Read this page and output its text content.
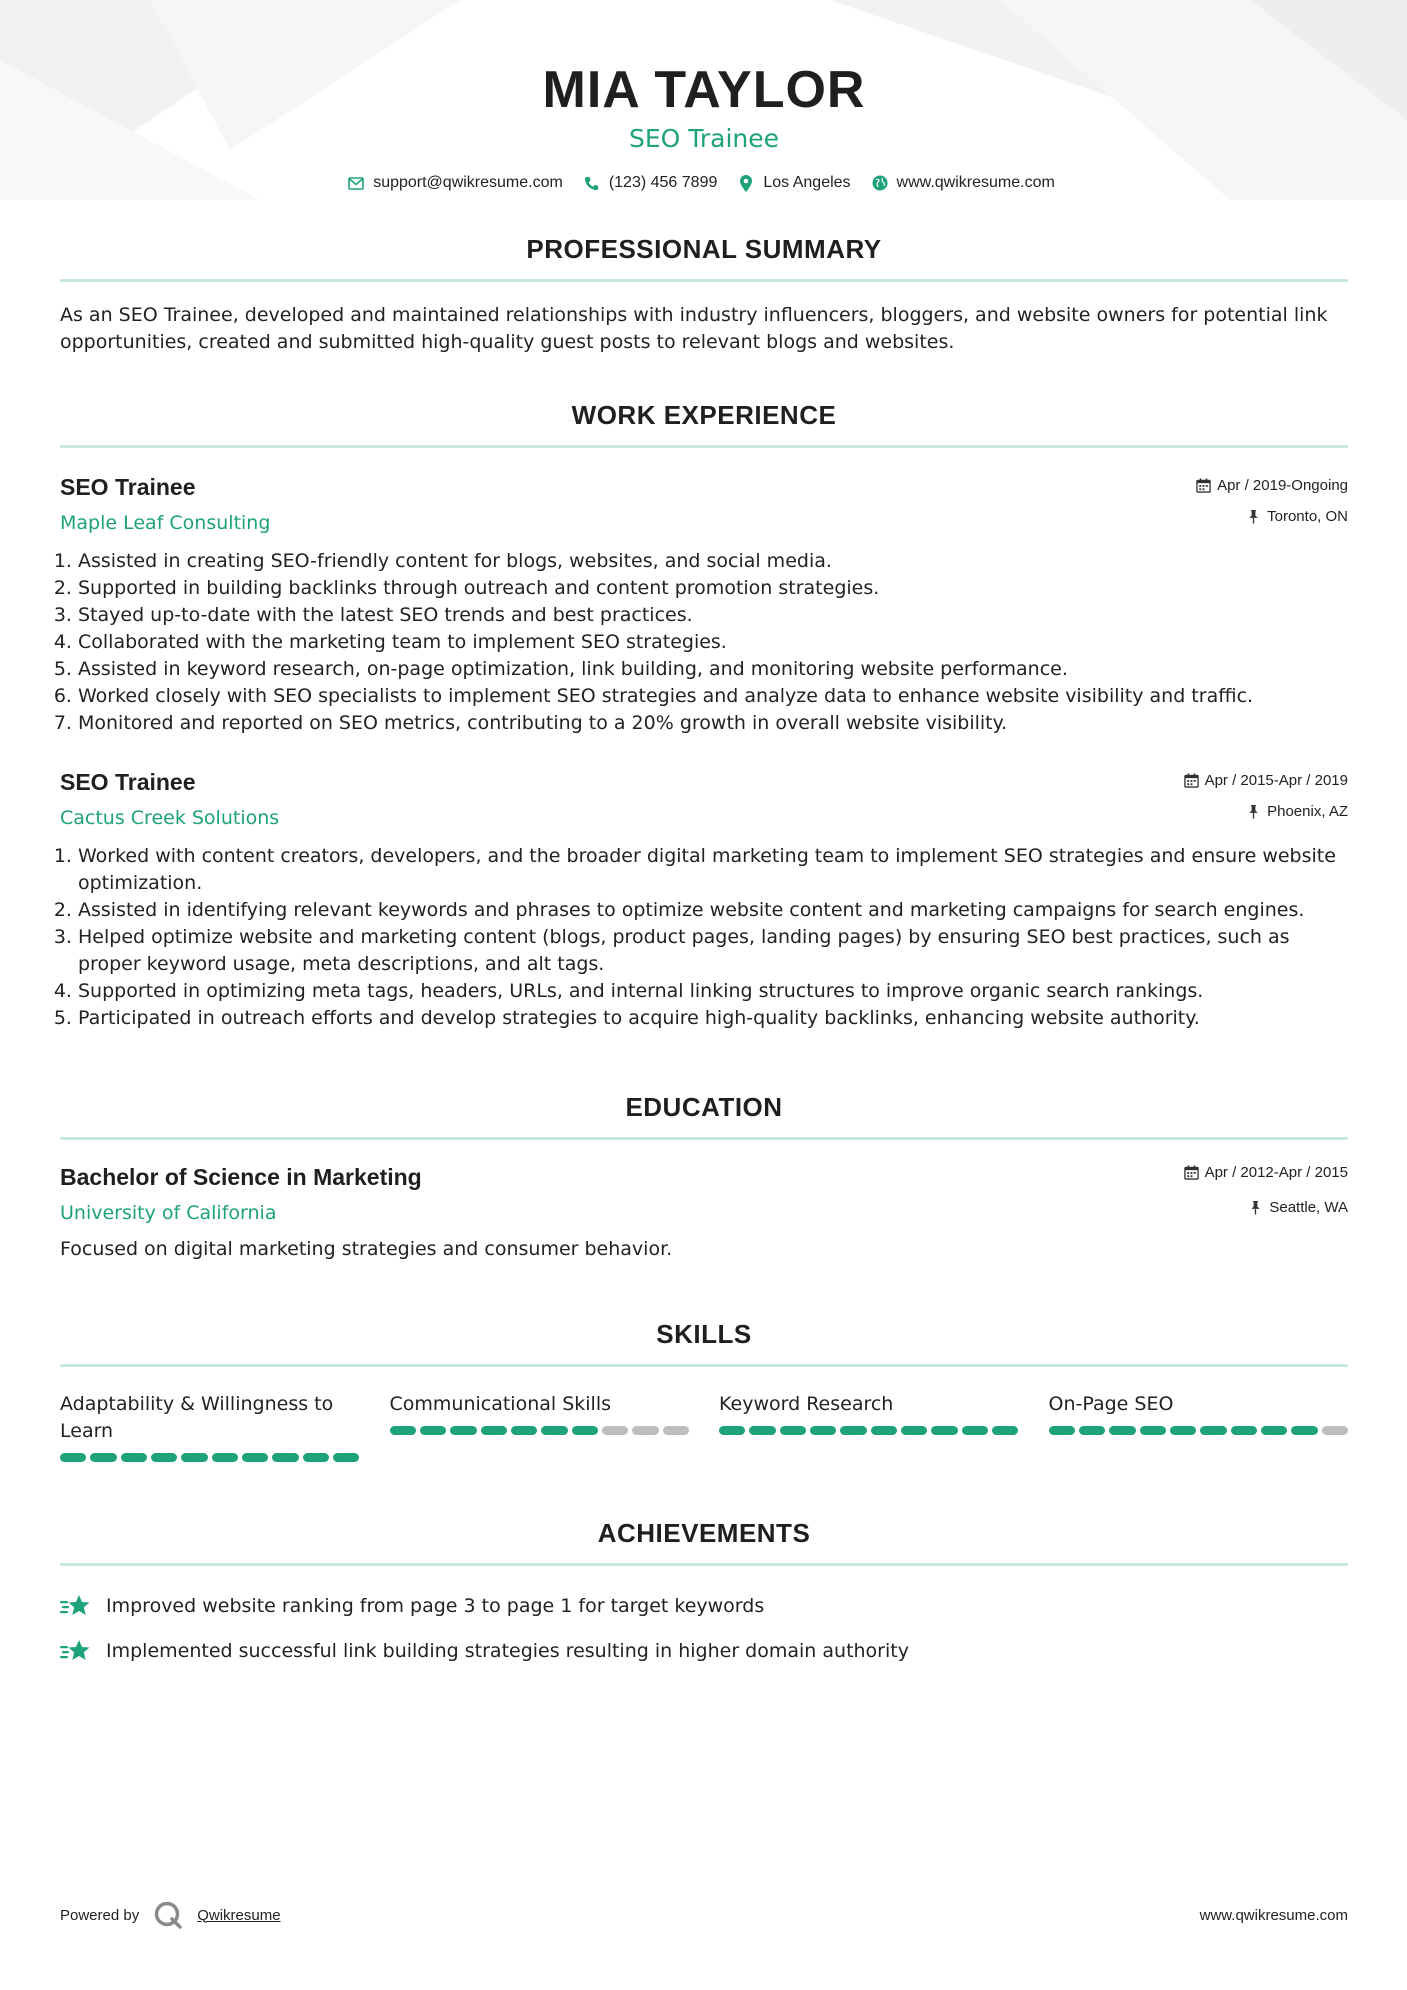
MIA TAYLOR
SEO Trainee
support@qwikresume.com	(123) 456 7899	Los Angeles	www.qwikresume.com
PROFESSIONAL SUMMARY

As an SEO Trainee, developed and maintained relationships with industry influencers, bloggers, and website owners for potential link opportunities, created and submitted high-quality guest posts to relevant blogs and websites.

WORK EXPERIENCE
Apr / 2019-Ongoing
Toronto, ON
SEO Trainee
Maple Leaf Consulting
1. Assisted in creating SEO-friendly content for blogs, websites, and social media.
2. Supported in building backlinks through outreach and content promotion strategies.
3. Stayed up-to-date with the latest SEO trends and best practices.
4. Collaborated with the marketing team to implement SEO strategies.
5. Assisted in keyword research, on-page optimization, link building, and monitoring website performance.
6. Worked closely with SEO specialists to implement SEO strategies and analyze data to enhance website visibility and traffic.
7. Monitored and reported on SEO metrics, contributing to a 20% growth in overall website visibility.
Apr / 2015-Apr / 2019
Phoenix, AZ
SEO Trainee
Cactus Creek Solutions
1. Worked with content creators, developers, and the broader digital marketing team to implement SEO strategies and ensure website optimization.
2. Assisted in identifying relevant keywords and phrases to optimize website content and marketing campaigns for search engines.
3. Helped optimize website and marketing content (blogs, product pages, landing pages) by ensuring SEO best practices, such as proper keyword usage, meta descriptions, and alt tags.
4. Supported in optimizing meta tags, headers, URLs, and internal linking structures to improve organic search rankings.
5. Participated in outreach efforts and develop strategies to acquire high-quality backlinks, enhancing website authority.
EDUCATION
Apr / 2012-Apr / 2015
Seattle, WA
Bachelor of Science in Marketing
University of California

Focused on digital marketing strategies and consumer behavior.

SKILLS
Adaptability & Willingness to Learn
Communicational Skills	Keyword Research	On-Page SEO
ACHIEVEMENTS
Improved website ranking from page 3 to page 1 for target keywords
Implemented successful link building strategies resulting in higher domain authority
Powered by	Qwikresume	www.qwikresume.com
